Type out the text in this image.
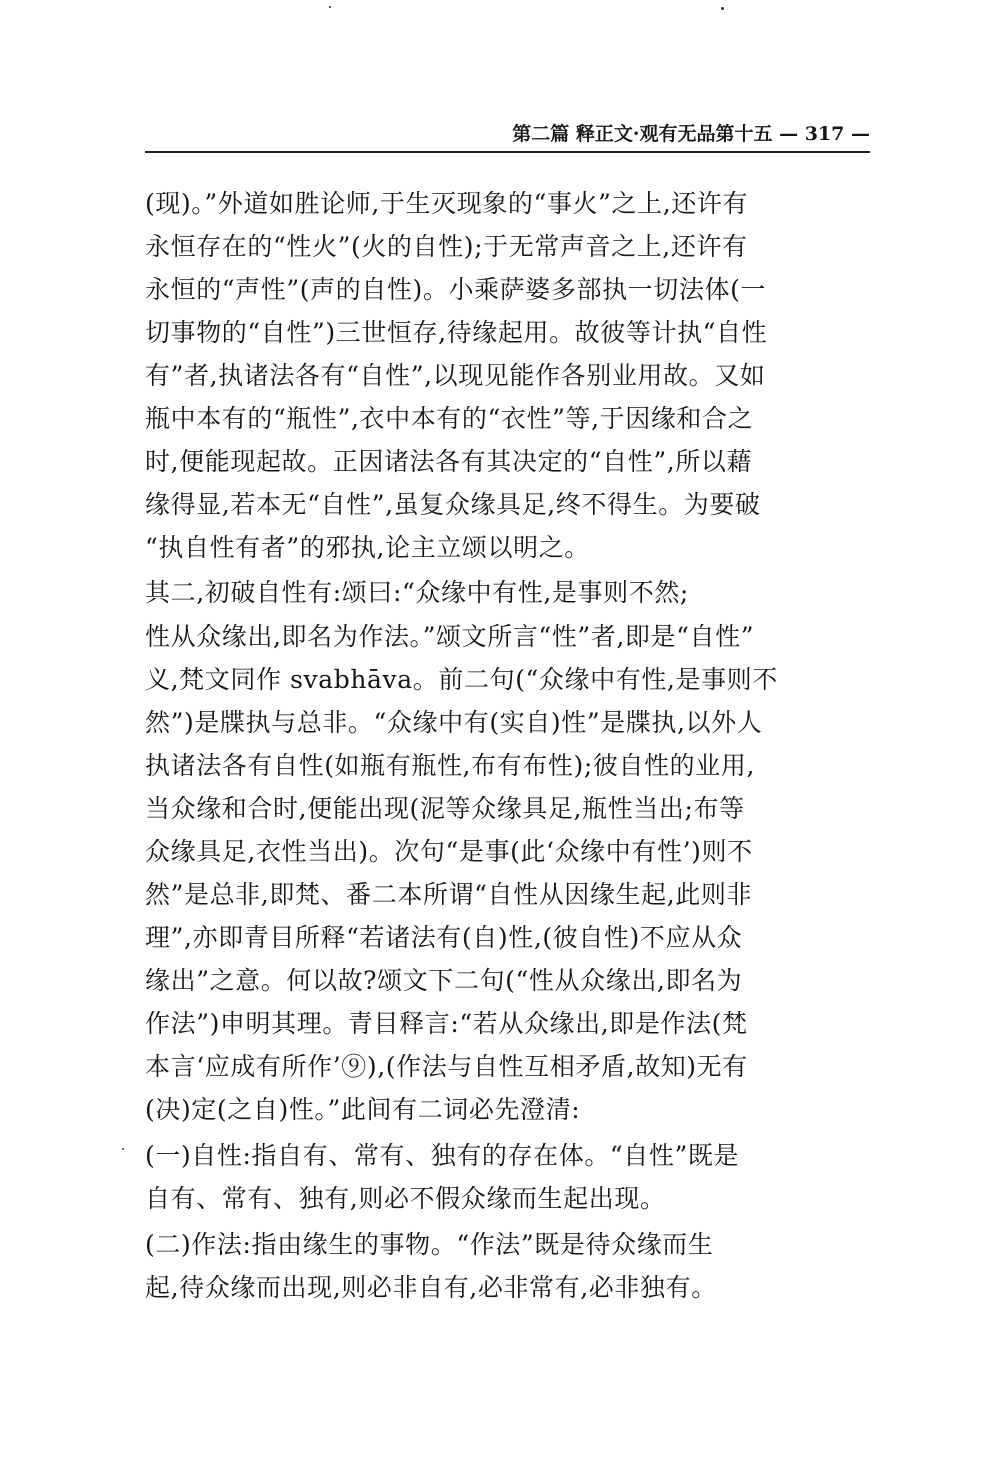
第二篇 释正文·观有无品第十五 — 317 —
(现)。”外道如胜论师,于生灭现象的“事火”之上,还许有
永恒存在的“性火”(火的自性);于无常声音之上,还许有
永恒的“声性”(声的自性)。小乘萨婆多部执一切法体(一
切事物的“自性”)三世恒存,待缘起用。故彼等计执“自性
有”者,执诸法各有“自性”,以现见能作各别业用故。又如
瓶中本有的“瓶性”,衣中本有的“衣性”等,于因缘和合之
时,便能现起故。正因诸法各有其决定的“自性”,所以藉
缘得显,若本无“自性”,虽复众缘具足,终不得生。为要破
“执自性有者”的邪执,论主立颂以明之。
其二,初破自性有:颂曰:“众缘中有性,是事则不然;
性从众缘出,即名为作法。”颂文所言“性”者,即是“自性”
义,梵文同作 svabhāva。前二句(“众缘中有性,是事则不
然”)是牒执与总非。“众缘中有(实自)性”是牒执,以外人
执诸法各有自性(如瓶有瓶性,布有布性);彼自性的业用,
当众缘和合时,便能出现(泥等众缘具足,瓶性当出;布等
众缘具足,衣性当出)。次句“是事(此‘众缘中有性’)则不
然”是总非,即梵、番二本所谓“自性从因缘生起,此则非
理”,亦即青目所释“若诸法有(自)性,(彼自性)不应从众
缘出”之意。何以故?颂文下二句(“性从众缘出,即名为
作法”)申明其理。青目释言:“若从众缘出,即是作法(梵
本言‘应成有所作’⑨),(作法与自性互相矛盾,故知)无有
(决)定(之自)性。”此间有二词必先澄清:
(一)自性:指自有、常有、独有的存在体。“自性”既是
自有、常有、独有,则必不假众缘而生起出现。
(二)作法:指由缘生的事物。“作法”既是待众缘而生
起,待众缘而出现,则必非自有,必非常有,必非独有。
